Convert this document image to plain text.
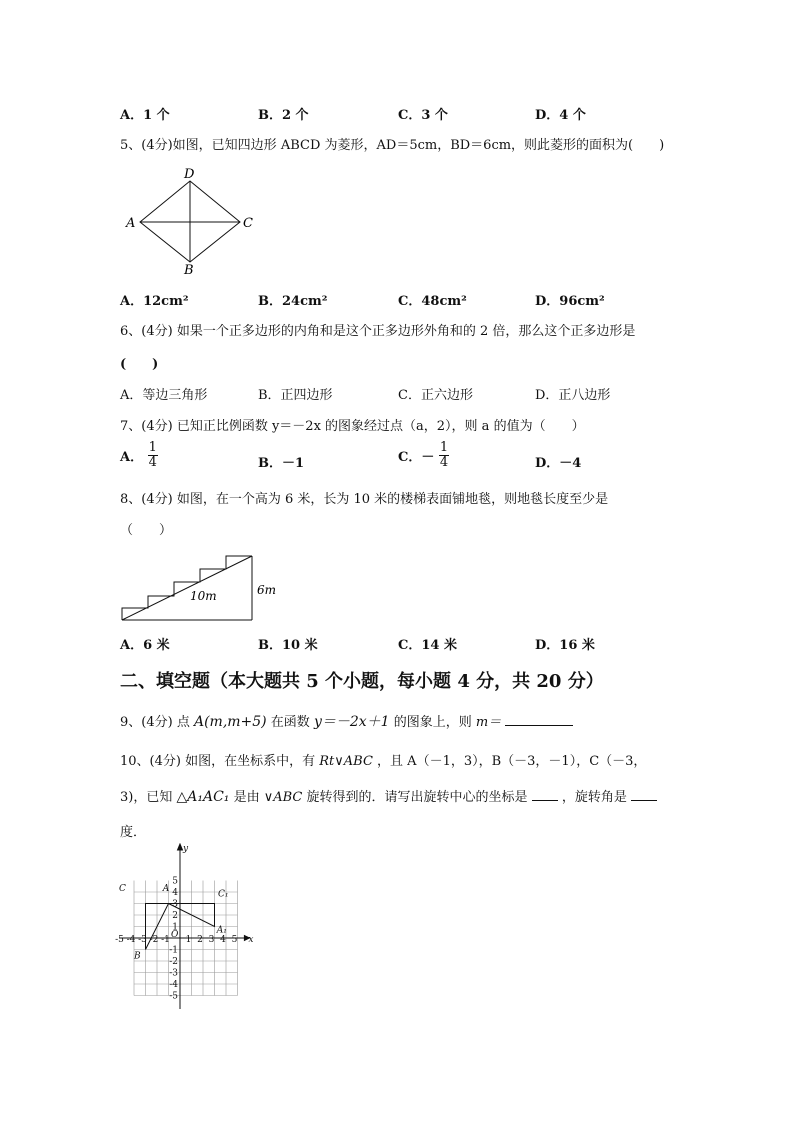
A．1 个	B．2 个	C．3 个	D．4 个
5、(4分)如图，已知四边形 ABCD 为菱形，AD＝5cm，BD＝6cm，则此菱形的面积为(　　)
D
A	C
B
A．12cm²	B．24cm²	C．48cm²	D．96cm²
6、(4分) 如果一个正多边形的内角和是这个正多边形外角和的 2 倍，那么这个正多边形是
(　　)
A．等边三角形	B．正四边形	C．正六边形	D．正八边形
7、(4分) 已知正比例函数 y＝－2x 的图象经过点（a，2），则 a 的值为（　　）
A． $\frac{1}{4}$	B．－1	C．－ $\frac{1}{4}$	D．－4
8、(4分) 如图，在一个高为 6 米，长为 10 米的楼梯表面铺地毯，则地毯长度至少是
（　　）
10m	6m
A．6 米	B．10 米	C．14 米	D．16 米
二、填空题（本大题共 5 个小题，每小题 4 分，共 20 分）
9、(4分) 点 A(m,m+5) 在函数 y＝－2x＋1 的图象上，则 m＝
10、(4分) 如图，在坐标系中，有 Rt∨ABC ，且 A（－1，3），B（－3，－1），C（－3，
3)，已知 △A₁AC₁ 是由 ∨ABC 旋转得到的．请写出旋转中心的坐标是	，旋转角是
度．
-5 -4 -3 -2 -1 1 2 3 4 5
5
4
3
2
1
-1
-2
-3
-4
-5
x
y
O
C	A
C₁
A₁
B
